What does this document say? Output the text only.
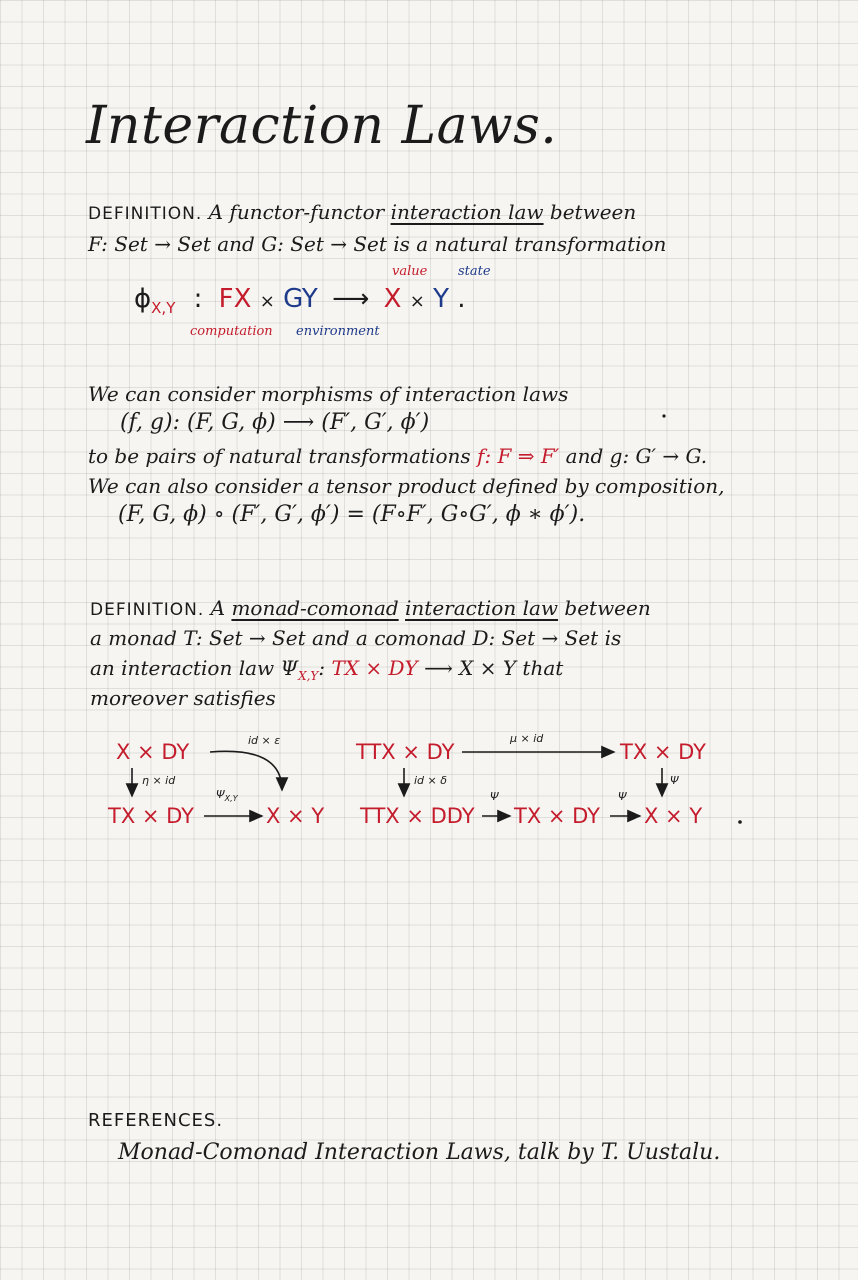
Interaction Laws.
DEFINITION. A functor-functor interaction law between
F: Set → Set and G: Set → Set is a natural transformation
value state
$\phi_{X,Y}$ : FX × GY ⟶ X × Y .
computation environment
We can consider morphisms of interaction laws
(f, g): (F, G, ϕ) ⟶ (F′, G′, ϕ′)
to be pairs of natural transformations f: F ⇒ F′ and g: G′ → G.
We can also consider a tensor product defined by composition,
(F, G, ϕ) ∘ (F′, G′, ϕ′) = (F∘F′, G∘G′, ϕ ∗ ϕ′).
DEFINITION. A monad-comonad interaction law between
a monad T: Set → Set and a comonad D: Set → Set is
an interaction law $\Psi_{X,Y}$: TX × DY ⟶ X × Y that
moreover satisfies
X × DY	id × ε
η × id
TX × DY
$\Psi_{X,Y}$
X × Y
TTX × DY
μ × id
TX × DY
id × δ	Ψ
TTX × DDY
Ψ
TX × DY
Ψ
X × Y
REFERENCES.
Monad-Comonad Interaction Laws, talk by T. Uustalu.
